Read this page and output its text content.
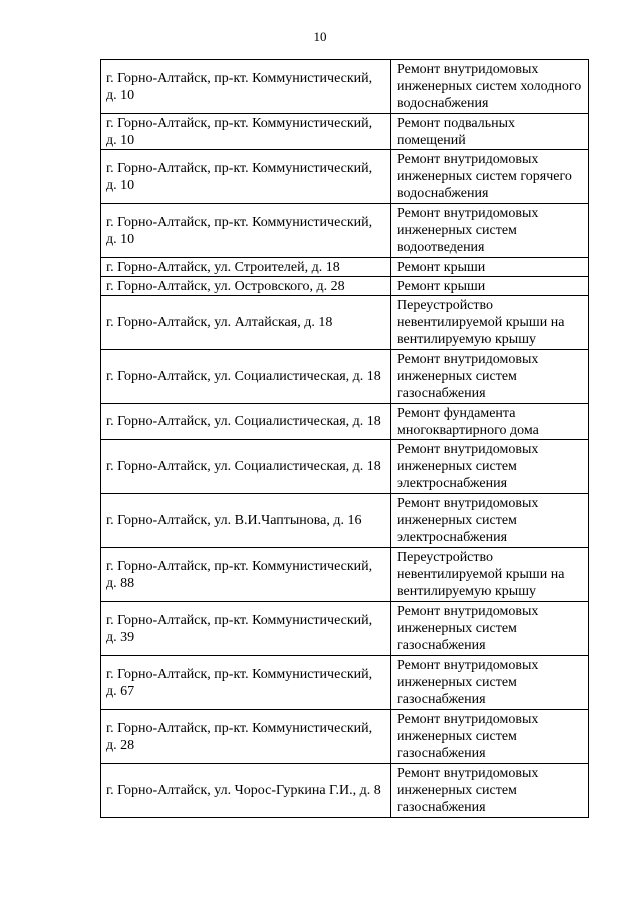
10
г. Горно-Алтайск, пр-кт. Коммунистический, д. 10	Ремонт внутридомовых инженерных систем холодного водоснабжения
г. Горно-Алтайск, пр-кт. Коммунистический, д. 10	Ремонт подвальных помещений
г. Горно-Алтайск, пр-кт. Коммунистический, д. 10	Ремонт внутридомовых инженерных систем горячего водоснабжения
г. Горно-Алтайск, пр-кт. Коммунистический, д. 10	Ремонт внутридомовых инженерных систем водоотведения
г. Горно-Алтайск, ул. Строителей, д. 18	Ремонт крыши
г. Горно-Алтайск, ул. Островского, д. 28	Ремонт крыши
г. Горно-Алтайск, ул. Алтайская, д. 18	Переустройство невентилируемой крыши на вентилируемую крышу
г. Горно-Алтайск, ул. Социалистическая, д. 18	Ремонт внутридомовых инженерных систем газоснабжения
г. Горно-Алтайск, ул. Социалистическая, д. 18	Ремонт фундамента многоквартирного дома
г. Горно-Алтайск, ул. Социалистическая, д. 18	Ремонт внутридомовых инженерных систем электроснабжения
г. Горно-Алтайск, ул. В.И.Чаптынова, д. 16	Ремонт внутридомовых инженерных систем электроснабжения
г. Горно-Алтайск, пр-кт. Коммунистический, д. 88	Переустройство невентилируемой крыши на вентилируемую крышу
г. Горно-Алтайск, пр-кт. Коммунистический, д. 39	Ремонт внутридомовых инженерных систем газоснабжения
г. Горно-Алтайск, пр-кт. Коммунистический, д. 67	Ремонт внутридомовых инженерных систем газоснабжения
г. Горно-Алтайск, пр-кт. Коммунистический, д. 28	Ремонт внутридомовых инженерных систем газоснабжения
г. Горно-Алтайск, ул. Чорос-Гуркина Г.И., д. 8	Ремонт внутридомовых инженерных систем газоснабжения
